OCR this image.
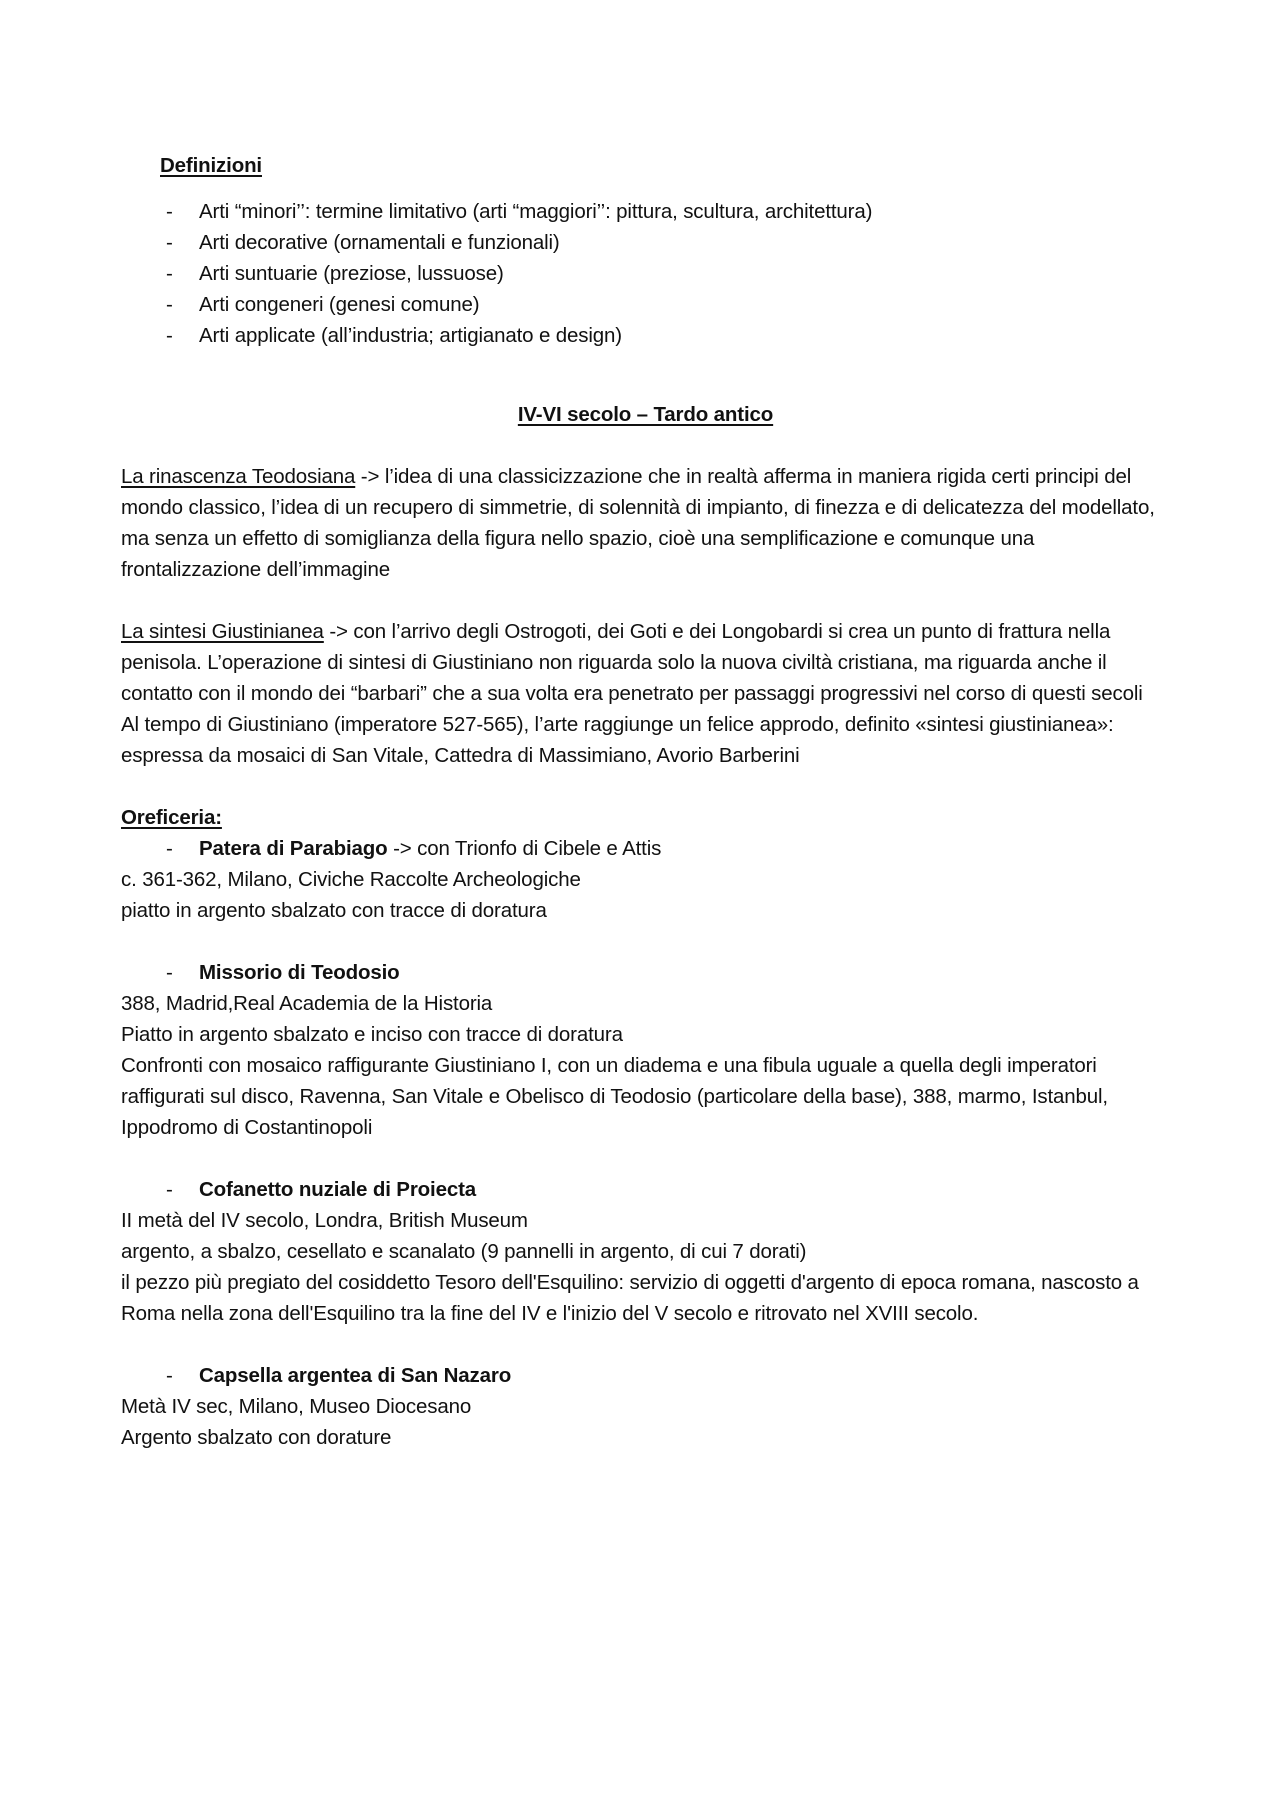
Definizioni
- Arti “minori’’: termine limitativo (arti “maggiori’’: pittura, scultura, architettura)
- Arti decorative (ornamentali e funzionali)
- Arti suntuarie (preziose, lussuose)
- Arti congeneri (genesi comune)
- Arti applicate (all’industria; artigianato e design)
IV-VI secolo – Tardo antico

La rinascenza Teodosiana -> l’idea di una classicizzazione che in realtà afferma in maniera rigida certi principi del mondo classico, l’idea di un recupero di simmetrie, di solennità di impianto, di finezza e di delicatezza del modellato, ma senza un effetto di somiglianza della figura nello spazio, cioè una semplificazione e comunque una frontalizzazione dell’immagine

La sintesi Giustinianea -> con l’arrivo degli Ostrogoti, dei Goti e dei Longobardi si crea un punto di frattura nella penisola. L’operazione di sintesi di Giustiniano non riguarda solo la nuova civiltà cristiana, ma riguarda anche il contatto con il mondo dei “barbari” che a sua volta era penetrato per passaggi progressivi nel corso di questi secoli

Al tempo di Giustiniano (imperatore 527-565), l’arte raggiunge un felice approdo, definito «sintesi giustinianea»: espressa da mosaici di San Vitale, Cattedra di Massimiano, Avorio Barberini

Oreficeria:
- Patera di Parabiago -> con Trionfo di Cibele e Attis

c. 361-362, Milano, Civiche Raccolte Archeologiche

piatto in argento sbalzato con tracce di doratura

- Missorio di Teodosio

388, Madrid,Real Academia de la Historia

Piatto in argento sbalzato e inciso con tracce di doratura

Confronti con mosaico raffigurante Giustiniano I, con un diadema e una fibula uguale a quella degli imperatori raffigurati sul disco, Ravenna, San Vitale e Obelisco di Teodosio (particolare della base), 388, marmo, Istanbul, Ippodromo di Costantinopoli

- Cofanetto nuziale di Proiecta

II metà del IV secolo, Londra, British Museum

argento, a sbalzo, cesellato e scanalato (9 pannelli in argento, di cui 7 dorati)

il pezzo più pregiato del cosiddetto Tesoro dell'Esquilino: servizio di oggetti d'argento di epoca romana, nascosto a Roma nella zona dell'Esquilino tra la fine del IV e l'inizio del V secolo e ritrovato nel XVIII secolo.

- Capsella argentea di San Nazaro

Metà IV sec, Milano, Museo Diocesano

Argento sbalzato con dorature
